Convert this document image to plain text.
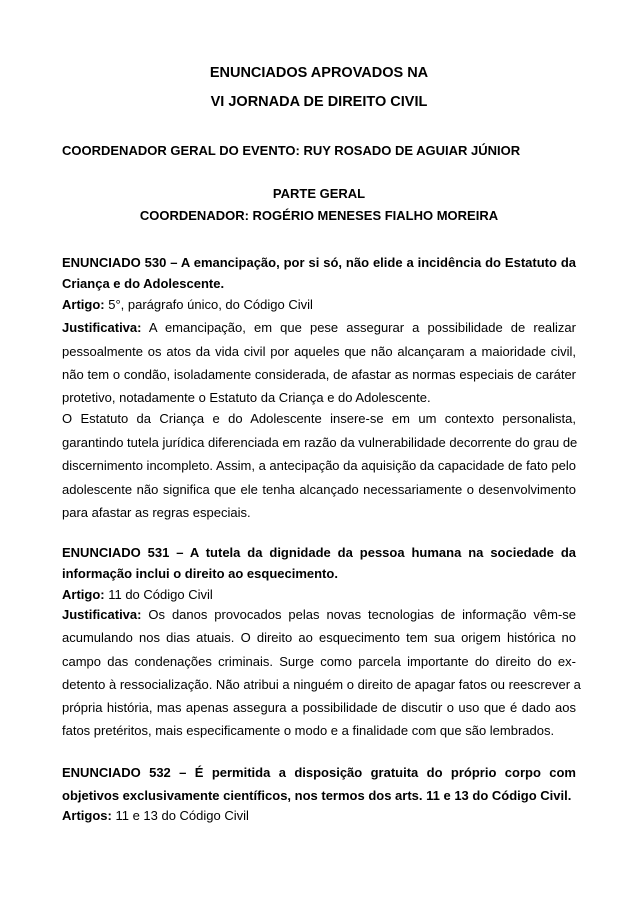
ENUNCIADOS APROVADOS NA

VI JORNADA DE DIREITO CIVIL

COORDENADOR GERAL DO EVENTO: RUY ROSADO DE AGUIAR JÚNIOR

PARTE GERAL

COORDENADOR: ROGÉRIO MENESES FIALHO MOREIRA

ENUNCIADO 530 – A emancipação, por si só, não elide a incidência do Estatuto da

Criança e do Adolescente.

Artigo: 5°, parágrafo único, do Código Civil

Justificativa: A emancipação, em que pese assegurar a possibilidade de realizar

pessoalmente os atos da vida civil por aqueles que não alcançaram a maioridade civil,

não tem o condão, isoladamente considerada, de afastar as normas especiais de caráter

protetivo, notadamente o Estatuto da Criança e do Adolescente.

O Estatuto da Criança e do Adolescente insere-se em um contexto personalista,

garantindo tutela jurídica diferenciada em razão da vulnerabilidade decorrente do grau de

discernimento incompleto. Assim, a antecipação da aquisição da capacidade de fato pelo

adolescente não significa que ele tenha alcançado necessariamente o desenvolvimento

para afastar as regras especiais.

ENUNCIADO 531 – A tutela da dignidade da pessoa humana na sociedade da

informação inclui o direito ao esquecimento.

Artigo: 11 do Código Civil

Justificativa: Os danos provocados pelas novas tecnologias de informação vêm-se

acumulando nos dias atuais. O direito ao esquecimento tem sua origem histórica no

campo das condenações criminais. Surge como parcela importante do direito do ex-

detento à ressocialização. Não atribui a ninguém o direito de apagar fatos ou reescrever a

própria história, mas apenas assegura a possibilidade de discutir o uso que é dado aos

fatos pretéritos, mais especificamente o modo e a finalidade com que são lembrados.

ENUNCIADO 532 – É permitida a disposição gratuita do próprio corpo com

objetivos exclusivamente científicos, nos termos dos arts. 11 e 13 do Código Civil.

Artigos: 11 e 13 do Código Civil
